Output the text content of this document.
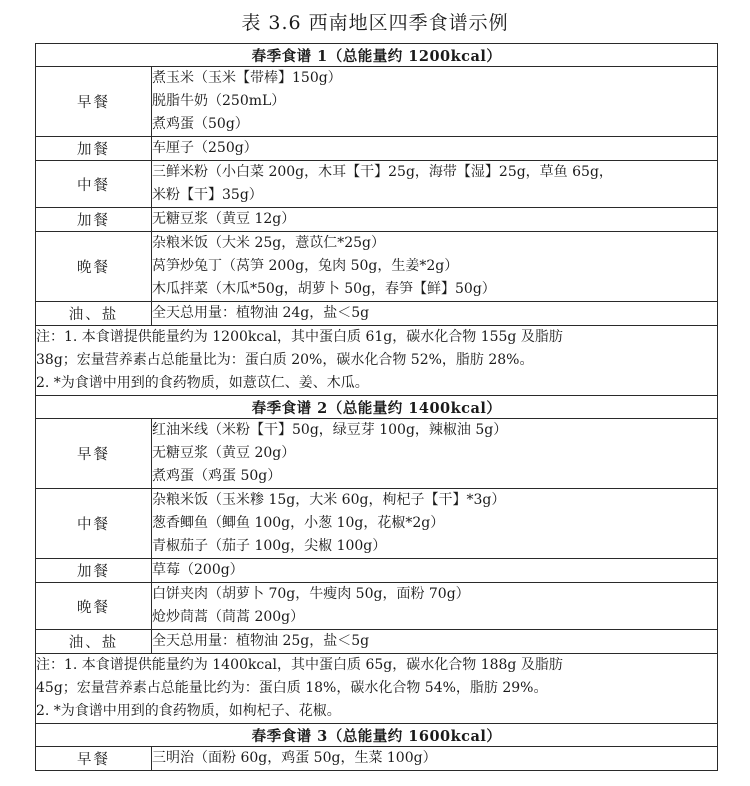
表 3.6 西南地区四季食谱示例
春季食谱 1（总能量约 1200kcal）	
早餐	煮玉米（玉米【带棒】150g）
脱脂牛奶（250mL）
煮鸡蛋（50g）

加餐	车厘子（250g）

中餐	三鲜米粉（小白菜 200g，木耳【干】25g，海带【湿】25g，草鱼 65g，
米粉【干】35g）

加餐	无糖豆浆（黄豆 12g）

晚餐	杂粮米饭（大米 25g，薏苡仁*25g）
莴笋炒兔丁（莴笋 200g，兔肉 50g，生姜*2g）
木瓜拌菜（木瓜*50g，胡萝卜 50g，春笋【鲜】50g）

油、盐	全天总用量：植物油 24g，盐＜5g

注：1. 本食谱提供能量约为 1200kcal，其中蛋白质 61g，碳水化合物 155g 及脂肪
38g；宏量营养素占总能量比为：蛋白质 20%，碳水化合物 52%，脂肪 28%。
2. *为食谱中用到的食药物质，如薏苡仁、姜、木瓜。	

春季食谱 2（总能量约 1400kcal）	
早餐	红油米线（米粉【干】50g，绿豆芽 100g，辣椒油 5g）
无糖豆浆（黄豆 20g）
煮鸡蛋（鸡蛋 50g）

中餐	杂粮米饭（玉米糁 15g，大米 60g，枸杞子【干】*3g）
葱香鲫鱼（鲫鱼 100g，小葱 10g，花椒*2g）
青椒茄子（茄子 100g，尖椒 100g）

加餐	草莓（200g）

晚餐	白饼夹肉（胡萝卜 70g，牛瘦肉 50g，面粉 70g）
炝炒茼蒿（茼蒿 200g）

油、盐	全天总用量：植物油 25g，盐＜5g

注：1. 本食谱提供能量约为 1400kcal，其中蛋白质 65g，碳水化合物 188g 及脂肪
45g；宏量营养素占总能量比约为：蛋白质 18%，碳水化合物 54%，脂肪 29%。
2. *为食谱中用到的食药物质，如枸杞子、花椒。	

春季食谱 3（总能量约 1600kcal）	
早餐	三明治（面粉 60g，鸡蛋 50g，生菜 100g）
